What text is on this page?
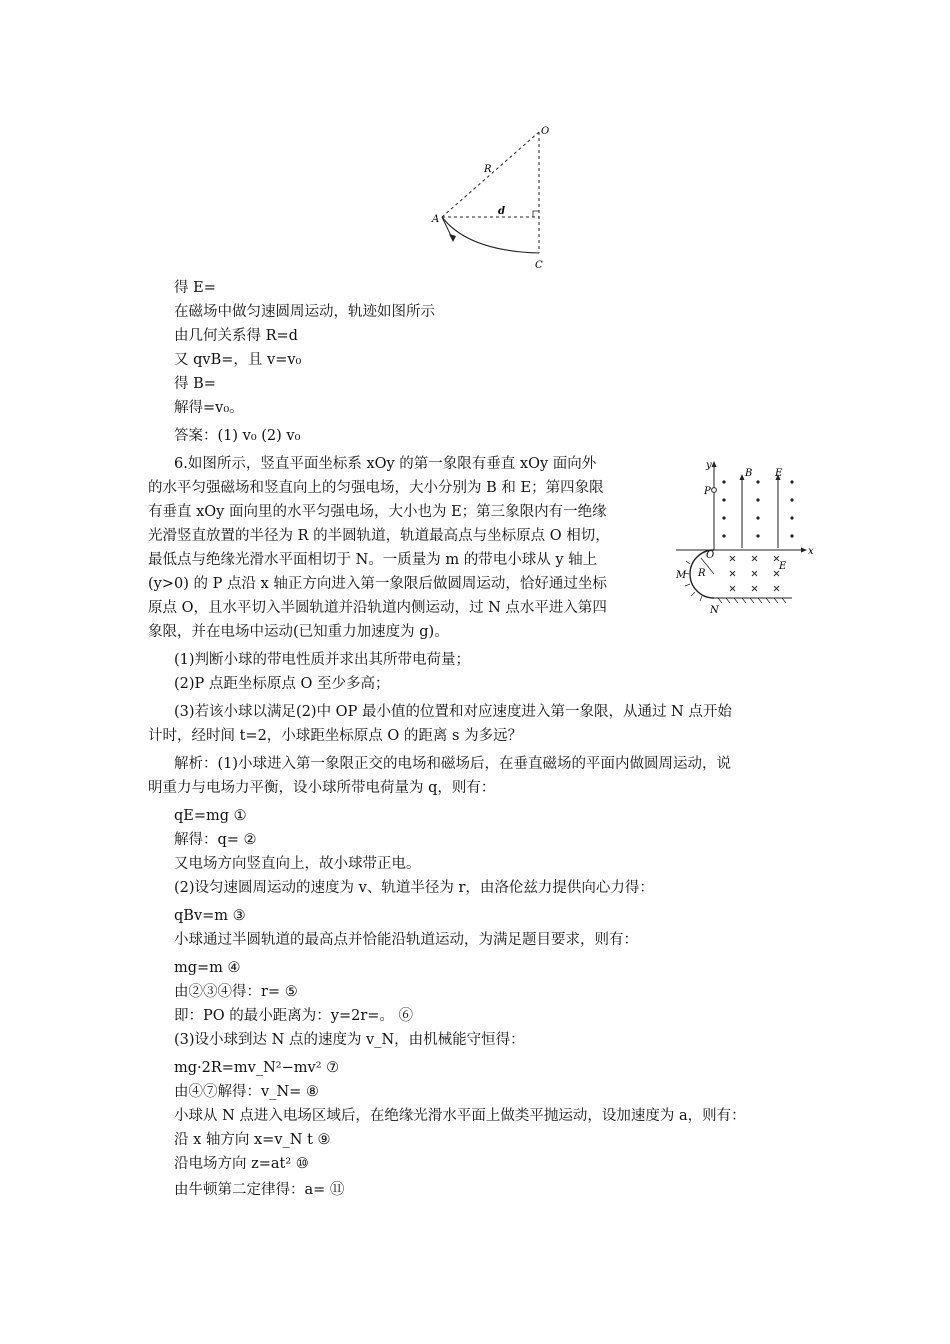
O
R
A
d
C
得 E=
在磁场中做匀速圆周运动，轨迹如图所示
由几何关系得 R=d
又 qvB=，且 v=v₀
得 B=
解得=v₀。
答案：(1) v₀ (2) v₀
6.如图所示，竖直平面坐标系 xOy 的第一象限有垂直 xOy 面向外
的水平匀强磁场和竖直向上的匀强电场，大小分别为 B 和 E；第四象限
有垂直 xOy 面向里的水平匀强电场，大小也为 E；第三象限内有一绝缘
光滑竖直放置的半径为 R 的半圆轨道，轨道最高点与坐标原点 O 相切，
最低点与绝缘光滑水平面相切于 N。一质量为 m 的带电小球从 y 轴上
(y>0) 的 P 点沿 x 轴正方向进入第一象限后做圆周运动，恰好通过坐标
原点 O，且水平切入半圆轨道并沿轨道内侧运动，过 N 点水平进入第四
象限，并在电场中运动(已知重力加速度为 g)。
y
B E
P
O	x
M R
E
N
(1)判断小球的带电性质并求出其所带电荷量；
(2)P 点距坐标原点 O 至少多高；
(3)若该小球以满足(2)中 OP 最小值的位置和对应速度进入第一象限，从通过 N 点开始
计时，经时间 t=2，小球距坐标原点 O 的距离 s 为多远？
解析：(1)小球进入第一象限正交的电场和磁场后，在垂直磁场的平面内做圆周运动，说
明重力与电场力平衡，设小球所带电荷量为 q，则有：
qE=mg ①
解得：q= ②
又电场方向竖直向上，故小球带正电。
(2)设匀速圆周运动的速度为 v、轨道半径为 r，由洛伦兹力提供向心力得：
qBv=m ③
小球通过半圆轨道的最高点并恰能沿轨道运动，为满足题目要求，则有：
mg=m ④
由②③④得：r= ⑤
即：PO 的最小距离为：y=2r=。 ⑥
(3)设小球到达 N 点的速度为 v_N，由机械能守恒得：
mg·2R=mv_N²−mv² ⑦
由④⑦解得：v_N= ⑧
小球从 N 点进入电场区域后，在绝缘光滑水平面上做类平抛运动，设加速度为 a，则有：
沿 x 轴方向 x=v_N t ⑨
沿电场方向 z=at² ⑩
由牛顿第二定律得：a= ⑪
